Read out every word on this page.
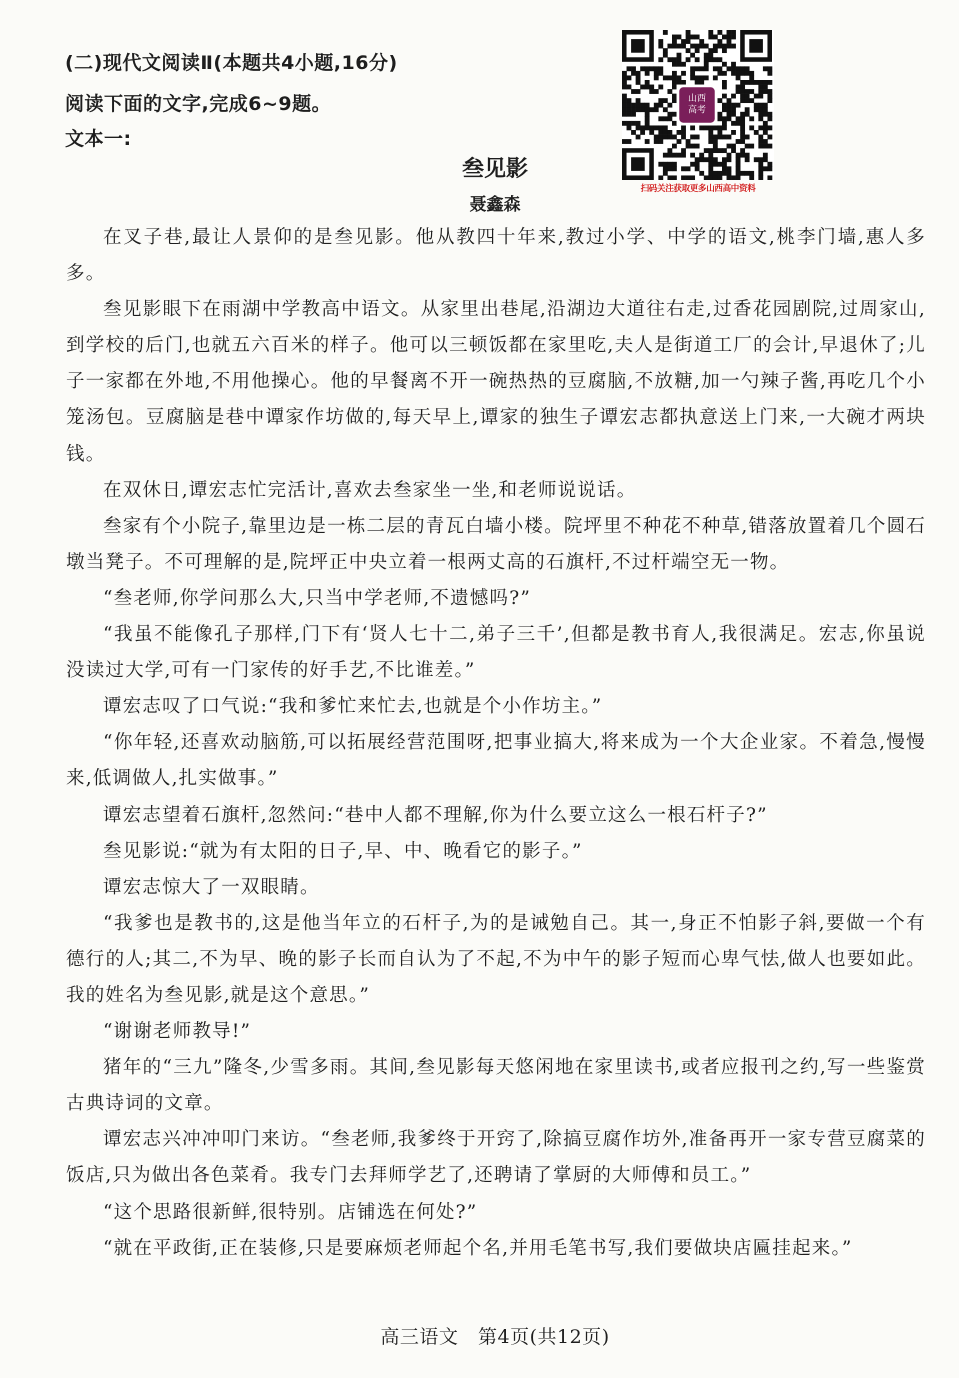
(二)现代文阅读Ⅱ(本题共4小题,16分)
阅读下面的文字,完成6~9题。
文本一:
山西
高考
扫码关注获取更多山西高中资料
叁见影
聂鑫森

在叉子巷,最让人景仰的是叁见影。他从教四十年来,教过小学、中学的语文,桃李门墙,惠人多多。

叁见影眼下在雨湖中学教高中语文。从家里出巷尾,沿湖边大道往右走,过香花园剧院,过周家山,到学校的后门,也就五六百米的样子。他可以三顿饭都在家里吃,夫人是街道工厂的会计,早退休了;儿子一家都在外地,不用他操心。他的早餐离不开一碗热热的豆腐脑,不放糖,加一勺辣子酱,再吃几个小笼汤包。豆腐脑是巷中谭家作坊做的,每天早上,谭家的独生子谭宏志都执意送上门来,一大碗才两块钱。

在双休日,谭宏志忙完活计,喜欢去叁家坐一坐,和老师说说话。

叁家有个小院子,靠里边是一栋二层的青瓦白墙小楼。院坪里不种花不种草,错落放置着几个圆石墩当凳子。不可理解的是,院坪正中央立着一根两丈高的石旗杆,不过杆端空无一物。

“叁老师,你学问那么大,只当中学老师,不遗憾吗?”

“我虽不能像孔子那样,门下有‘贤人七十二,弟子三千’,但都是教书育人,我很满足。宏志,你虽说没读过大学,可有一门家传的好手艺,不比谁差。”

谭宏志叹了口气说:“我和爹忙来忙去,也就是个小作坊主。”

“你年轻,还喜欢动脑筋,可以拓展经营范围呀,把事业搞大,将来成为一个大企业家。不着急,慢慢来,低调做人,扎实做事。”

谭宏志望着石旗杆,忽然问:“巷中人都不理解,你为什么要立这么一根石杆子?”

叁见影说:“就为有太阳的日子,早、中、晚看它的影子。”

谭宏志惊大了一双眼睛。

“我爹也是教书的,这是他当年立的石杆子,为的是诫勉自己。其一,身正不怕影子斜,要做一个有德行的人;其二,不为早、晚的影子长而自认为了不起,不为中午的影子短而心卑气怯,做人也要如此。我的姓名为叁见影,就是这个意思。”

“谢谢老师教导!”

猪年的“三九”隆冬,少雪多雨。其间,叁见影每天悠闲地在家里读书,或者应报刊之约,写一些鉴赏古典诗词的文章。

谭宏志兴冲冲叩门来访。“叁老师,我爹终于开窍了,除搞豆腐作坊外,准备再开一家专营豆腐菜的饭店,只为做出各色菜肴。我专门去拜师学艺了,还聘请了掌厨的大师傅和员工。”

“这个思路很新鲜,很特别。店铺选在何处?”

“就在平政街,正在装修,只是要麻烦老师起个名,并用毛笔书写,我们要做块店匾挂起来。”

高三语文   第4页(共12页)
